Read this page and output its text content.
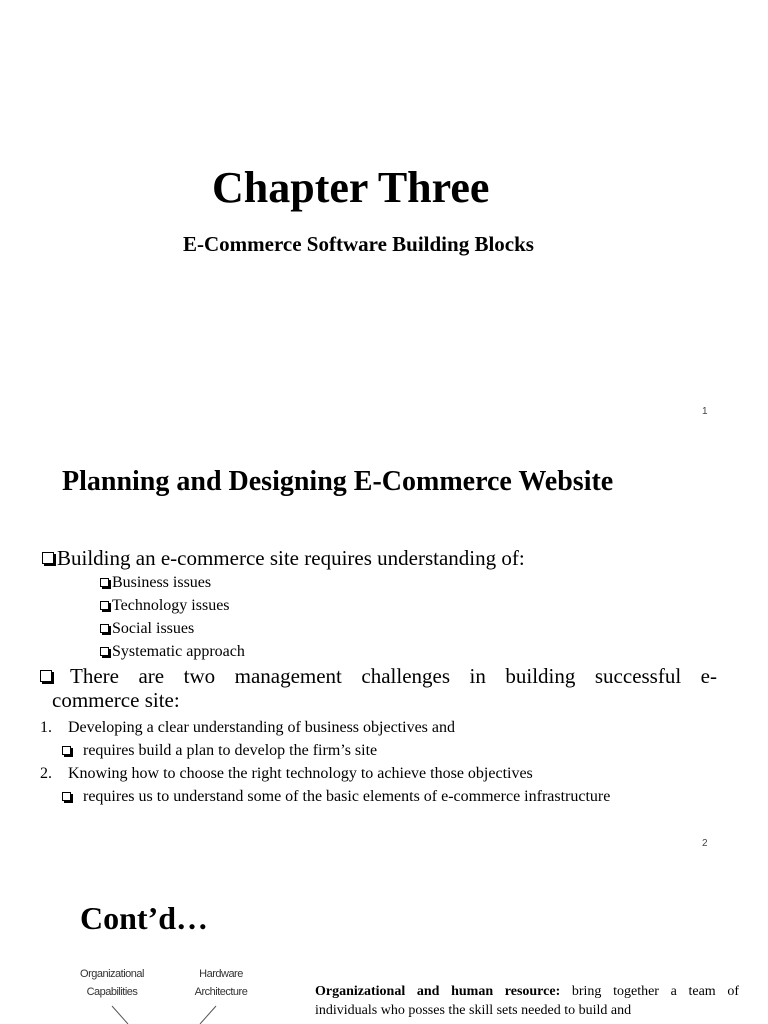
Chapter Three
E-Commerce Software Building Blocks
1
Planning and Designing E-Commerce Website
Building an e-commerce site requires understanding of:
Business issues
Technology issues
Social issues
Systematic approach
There are two management challenges in building successful e-
commerce site:
1. Developing a clear understanding of business objectives and
requires build a plan to develop the firm’s site
2. Knowing how to choose the right technology to achieve those objectives
requires us to understand some of the basic elements of e-commerce infrastructure
2
Cont’d…
Organizational Capabilities
Hardware Architecture	Organizational and human resource: bring together a team of individuals who posses the skill sets needed to build and
